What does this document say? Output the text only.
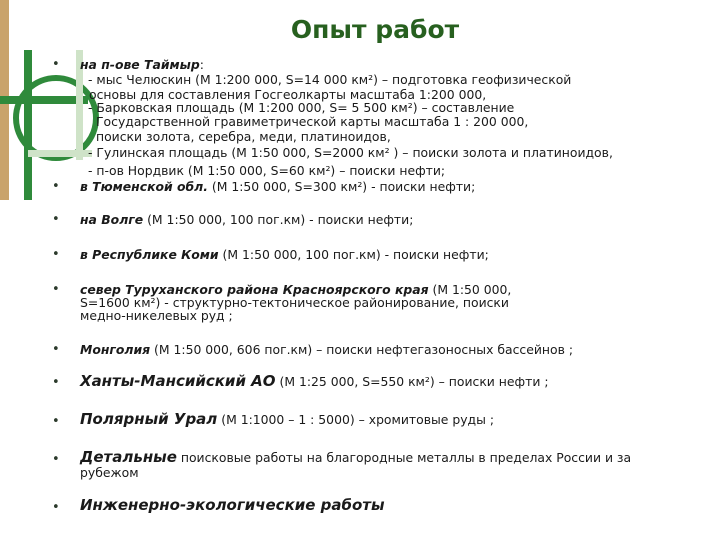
Опыт работ
• на п-ове Таймыр:
- мыс Челюскин (М 1:200 000, S=14 000 км²) – подготовка геофизической
основы для составления Госгеолкарты масштаба 1:200 000,
- Барковская площадь (М 1:200 000, S= 5 500 км²) – составление
Государственной гравиметрической карты масштаба 1 : 200 000,
поиски золота, серебра, меди, платиноидов,
- Гулинская площадь (М 1:50 000, S=2000 км² ) – поиски золота и платиноидов,
- п-ов Нордвик (М 1:50 000, S=60 км²) – поиски нефти;
• в Тюменской обл. (М 1:50 000, S=300 км²) - поиски нефти;
• на Волге (М 1:50 000, 100 пог.км) - поиски нефти;
• в Республике Коми (М 1:50 000, 100 пог.км) - поиски нефти;
• север Туруханского района Красноярского края (М 1:50 000,
S=1600 км²) - структурно-тектоническое районирование, поиски
медно-никелевых руд ;
• Монголия (М 1:50 000, 606 пог.км) – поиски нефтегазоносных бассейнов ;
• Ханты-Мансийский АО (М 1:25 000, S=550 км²) – поиски нефти ;
• Полярный Урал (М 1:1000 – 1 : 5000) – хромитовые руды ;
• Детальные поисковые работы на благородные металлы в пределах России и за
рубежом
• Инженерно-экологические работы
